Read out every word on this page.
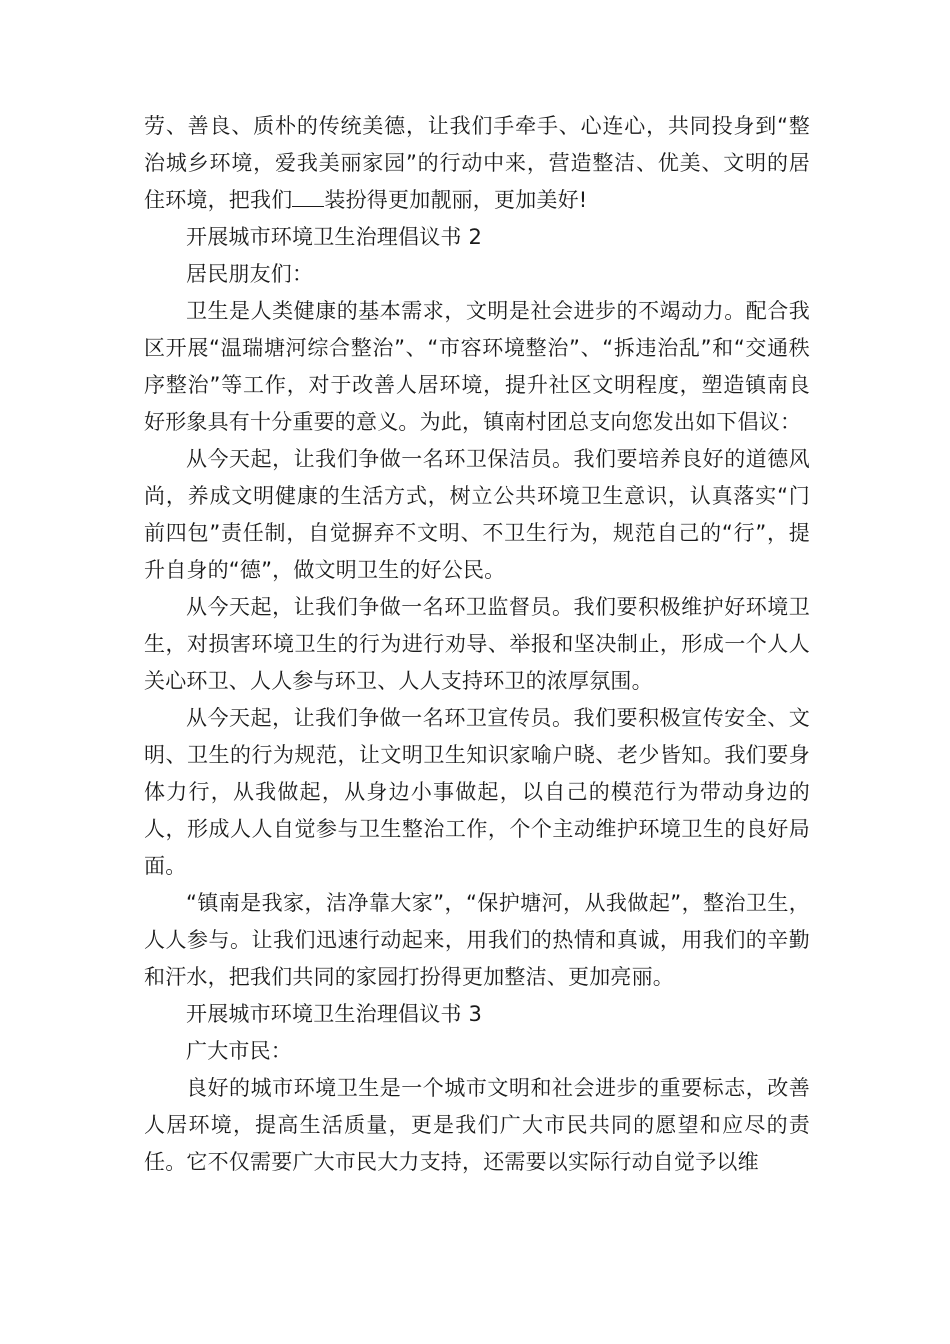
劳、善良、质朴的传统美德，让我们手牵手、心连心，共同投身到“整治城乡环境，爱我美丽家园”的行动中来，营造整洁、优美、文明的居住环境，把我们 装扮得更加靓丽，更加美好!

开展城市环境卫生治理倡议书 2

居民朋友们：

卫生是人类健康的基本需求，文明是社会进步的不竭动力。配合我区开展“温瑞塘河综合整治”、“市容环境整治”、“拆违治乱”和“交通秩序整治”等工作，对于改善人居环境，提升社区文明程度，塑造镇南良好形象具有十分重要的意义。为此，镇南村团总支向您发出如下倡议：

从今天起，让我们争做一名环卫保洁员。我们要培养良好的道德风尚，养成文明健康的生活方式，树立公共环境卫生意识，认真落实“门前四包”责任制，自觉摒弃不文明、不卫生行为，规范自己的“行”，提升自身的“德”，做文明卫生的好公民。

从今天起，让我们争做一名环卫监督员。我们要积极维护好环境卫生，对损害环境卫生的行为进行劝导、举报和坚决制止，形成一个人人关心环卫、人人参与环卫、人人支持环卫的浓厚氛围。

从今天起，让我们争做一名环卫宣传员。我们要积极宣传安全、文明、卫生的行为规范，让文明卫生知识家喻户晓、老少皆知。我们要身体力行，从我做起，从身边小事做起，以自己的模范行为带动身边的人，形成人人自觉参与卫生整治工作，个个主动维护环境卫生的良好局面。

“镇南是我家，洁净靠大家”，“保护塘河，从我做起”，整治卫生，人人参与。让我们迅速行动起来，用我们的热情和真诚，用我们的辛勤和汗水，把我们共同的家园打扮得更加整洁、更加亮丽。

开展城市环境卫生治理倡议书 3

广大市民：

良好的城市环境卫生是一个城市文明和社会进步的重要标志，改善人居环境，提高生活质量，更是我们广大市民共同的愿望和应尽的责任。它不仅需要广大市民大力支持，还需要以实际行动自觉予以维
